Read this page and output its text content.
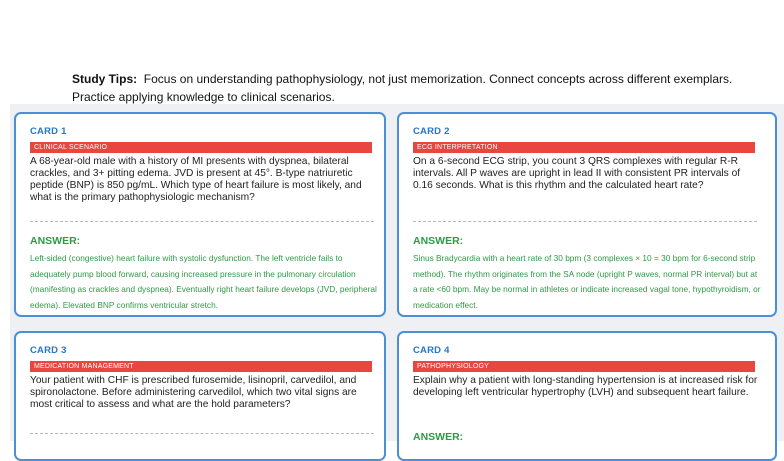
Study Tips: Focus on understanding pathophysiology, not just memorization. Connect concepts across different exemplars. Practice applying knowledge to clinical scenarios.
CARD 1
CLINICAL SCENARIO
A 68-year-old male with a history of MI presents with dyspnea, bilateral crackles, and 3+ pitting edema. JVD is present at 45°. B-type natriuretic peptide (BNP) is 850 pg/mL. Which type of heart failure is most likely, and what is the primary pathophysiologic mechanism?
ANSWER:
Left-sided (congestive) heart failure with systolic dysfunction. The left ventricle fails to adequately pump blood forward, causing increased pressure in the pulmonary circulation (manifesting as crackles and dyspnea). Eventually right heart failure develops (JVD, peripheral edema). Elevated BNP confirms ventricular stretch.
CARD 2
ECG INTERPRETATION
On a 6-second ECG strip, you count 3 QRS complexes with regular R-R intervals. All P waves are upright in lead II with consistent PR intervals of 0.16 seconds. What is this rhythm and the calculated heart rate?
ANSWER:
Sinus Bradycardia with a heart rate of 30 bpm (3 complexes × 10 = 30 bpm for 6-second strip method). The rhythm originates from the SA node (upright P waves, normal PR interval) but at a rate <60 bpm. May be normal in athletes or indicate increased vagal tone, hypothyroidism, or medication effect.
CARD 3
MEDICATION MANAGEMENT
Your patient with CHF is prescribed furosemide, lisinopril, carvedilol, and spironolactone. Before administering carvedilol, which two vital signs are most critical to assess and what are the hold parameters?
CARD 4
PATHOPHYSIOLOGY
Explain why a patient with long-standing hypertension is at increased risk for developing left ventricular hypertrophy (LVH) and subsequent heart failure.
ANSWER:
